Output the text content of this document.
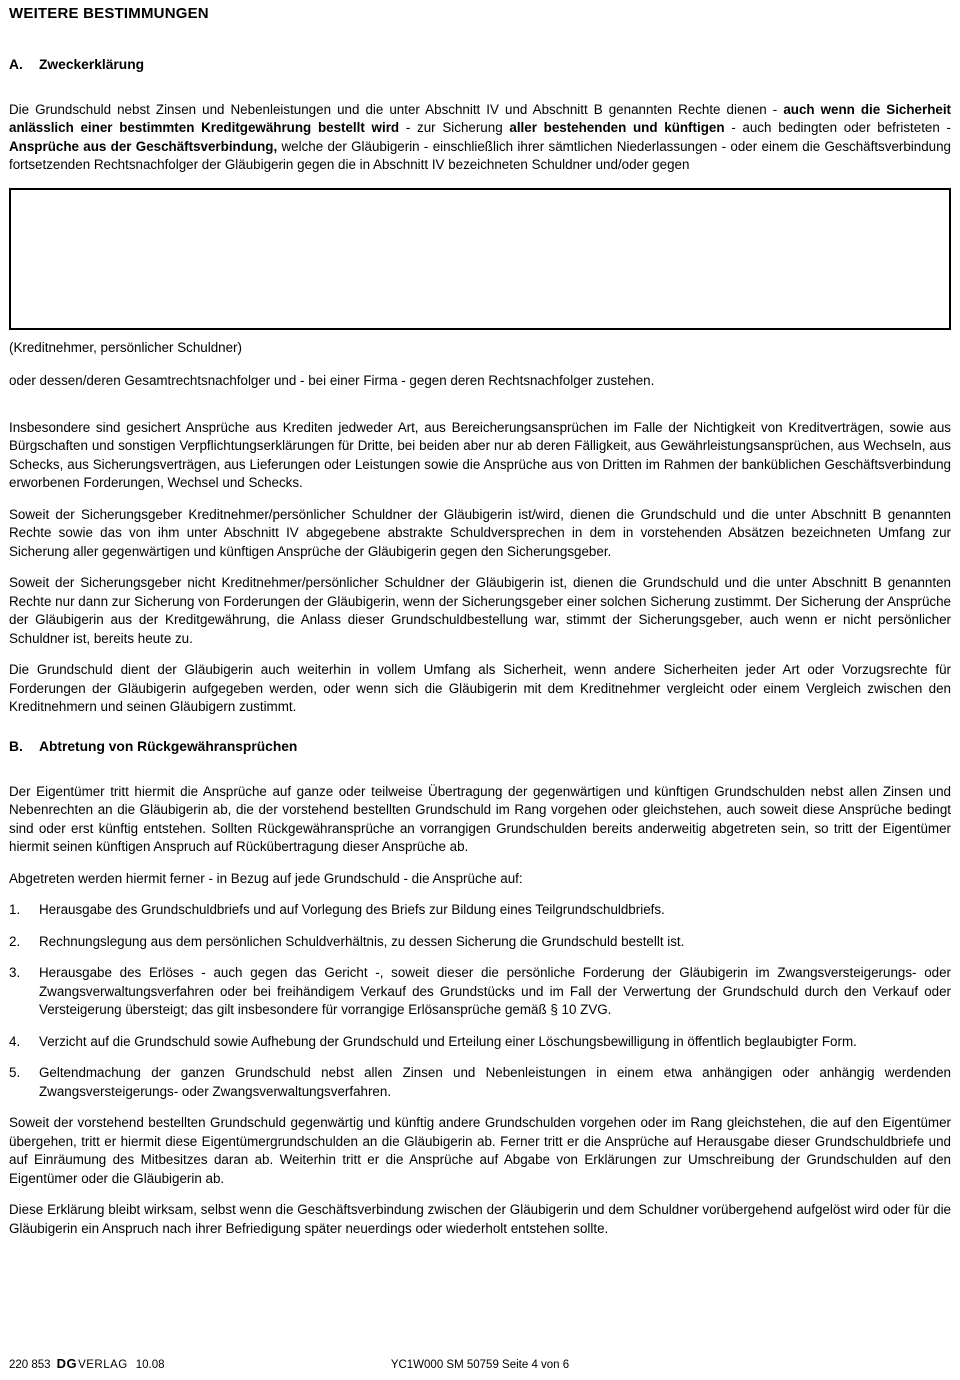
WEITERE BESTIMMUNGEN
A. Zweckerklärung

Die Grundschuld nebst Zinsen und Nebenleistungen und die unter Abschnitt IV und Abschnitt B genannten Rechte dienen - auch wenn die Sicherheit anlässlich einer bestimmten Kreditgewährung bestellt wird - zur Sicherung aller bestehenden und künftigen - auch bedingten oder befristeten - Ansprüche aus der Geschäftsverbindung, welche der Gläubigerin - einschließlich ihrer sämtlichen Niederlassungen - oder einem die Geschäftsverbindung fortsetzenden Rechtsnachfolger der Gläubigerin gegen die in Abschnitt IV bezeichneten Schuldner und/oder gegen

(Kreditnehmer, persönlicher Schuldner)

oder dessen/deren Gesamtrechtsnachfolger und - bei einer Firma - gegen deren Rechtsnachfolger zustehen.

Insbesondere sind gesichert Ansprüche aus Krediten jedweder Art, aus Bereicherungsansprüchen im Falle der Nichtigkeit von Kreditverträgen, sowie aus Bürgschaften und sonstigen Verpflichtungserklärungen für Dritte, bei beiden aber nur ab deren Fälligkeit, aus Gewährleistungsansprüchen, aus Wechseln, aus Schecks, aus Sicherungsverträgen, aus Lieferungen oder Leistungen sowie die Ansprüche aus von Dritten im Rahmen der banküblichen Geschäftsverbindung erworbenen Forderungen, Wechsel und Schecks.

Soweit der Sicherungsgeber Kreditnehmer/persönlicher Schuldner der Gläubigerin ist/wird, dienen die Grundschuld und die unter Abschnitt B genannten Rechte sowie das von ihm unter Abschnitt IV abgegebene abstrakte Schuldversprechen in dem in vorstehenden Absätzen bezeichneten Umfang zur Sicherung aller gegenwärtigen und künftigen Ansprüche der Gläubigerin gegen den Sicherungsgeber.

Soweit der Sicherungsgeber nicht Kreditnehmer/persönlicher Schuldner der Gläubigerin ist, dienen die Grundschuld und die unter Abschnitt B genannten Rechte nur dann zur Sicherung von Forderungen der Gläubigerin, wenn der Sicherungsgeber einer solchen Sicherung zustimmt. Der Sicherung der Ansprüche der Gläubigerin aus der Kreditgewährung, die Anlass dieser Grundschuldbestellung war, stimmt der Sicherungsgeber, auch wenn er nicht persönlicher Schuldner ist, bereits heute zu.

Die Grundschuld dient der Gläubigerin auch weiterhin in vollem Umfang als Sicherheit, wenn andere Sicherheiten jeder Art oder Vorzugsrechte für Forderungen der Gläubigerin aufgegeben werden, oder wenn sich die Gläubigerin mit dem Kreditnehmer vergleicht oder einem Vergleich zwischen den Kreditnehmern und seinen Gläubigern zustimmt.

B. Abtretung von Rückgewähransprüchen

Der Eigentümer tritt hiermit die Ansprüche auf ganze oder teilweise Übertragung der gegenwärtigen und künftigen Grundschulden nebst allen Zinsen und Nebenrechten an die Gläubigerin ab, die der vorstehend bestellten Grundschuld im Rang vorgehen oder gleichstehen, auch soweit diese Ansprüche bedingt sind oder erst künftig entstehen. Sollten Rückgewähransprüche an vorrangigen Grundschulden bereits anderweitig abgetreten sein, so tritt der Eigentümer hiermit seinen künftigen Anspruch auf Rückübertragung dieser Ansprüche ab.

Abgetreten werden hiermit ferner - in Bezug auf jede Grundschuld - die Ansprüche auf:

1. Herausgabe des Grundschuldbriefs und auf Vorlegung des Briefs zur Bildung eines Teilgrundschuldbriefs.
2. Rechnungslegung aus dem persönlichen Schuldverhältnis, zu dessen Sicherung die Grundschuld bestellt ist.
3. Herausgabe des Erlöses - auch gegen das Gericht -, soweit dieser die persönliche Forderung der Gläubigerin im Zwangsversteigerungs- oder Zwangsverwaltungsverfahren oder bei freihändigem Verkauf des Grundstücks und im Fall der Verwertung der Grundschuld durch den Verkauf oder Versteigerung übersteigt; das gilt insbesondere für vorrangige Erlösansprüche gemäß § 10 ZVG.
4. Verzicht auf die Grundschuld sowie Aufhebung der Grundschuld und Erteilung einer Löschungsbewilligung in öffentlich beglaubigter Form.
5. Geltendmachung der ganzen Grundschuld nebst allen Zinsen und Nebenleistungen in einem etwa anhängigen oder anhängig werdenden Zwangsversteigerungs- oder Zwangsverwaltungsverfahren.

Soweit der vorstehend bestellten Grundschuld gegenwärtig und künftig andere Grundschulden vorgehen oder im Rang gleichstehen, die auf den Eigentümer übergehen, tritt er hiermit diese Eigentümergrundschulden an die Gläubigerin ab. Ferner tritt er die Ansprüche auf Herausgabe dieser Grundschuldbriefe und auf Einräumung des Mitbesitzes daran ab. Weiterhin tritt er die Ansprüche auf Abgabe von Erklärungen zur Umschreibung der Grundschulden auf den Eigentümer oder die Gläubigerin ab.

Diese Erklärung bleibt wirksam, selbst wenn die Geschäftsverbindung zwischen der Gläubigerin und dem Schuldner vorübergehend aufgelöst wird oder für die Gläubigerin ein Anspruch nach ihrer Befriedigung später neuerdings oder wiederholt entstehen sollte.

220 853 DGVERLAG 10.08	YC1W000 SM 50759 Seite 4 von 6
